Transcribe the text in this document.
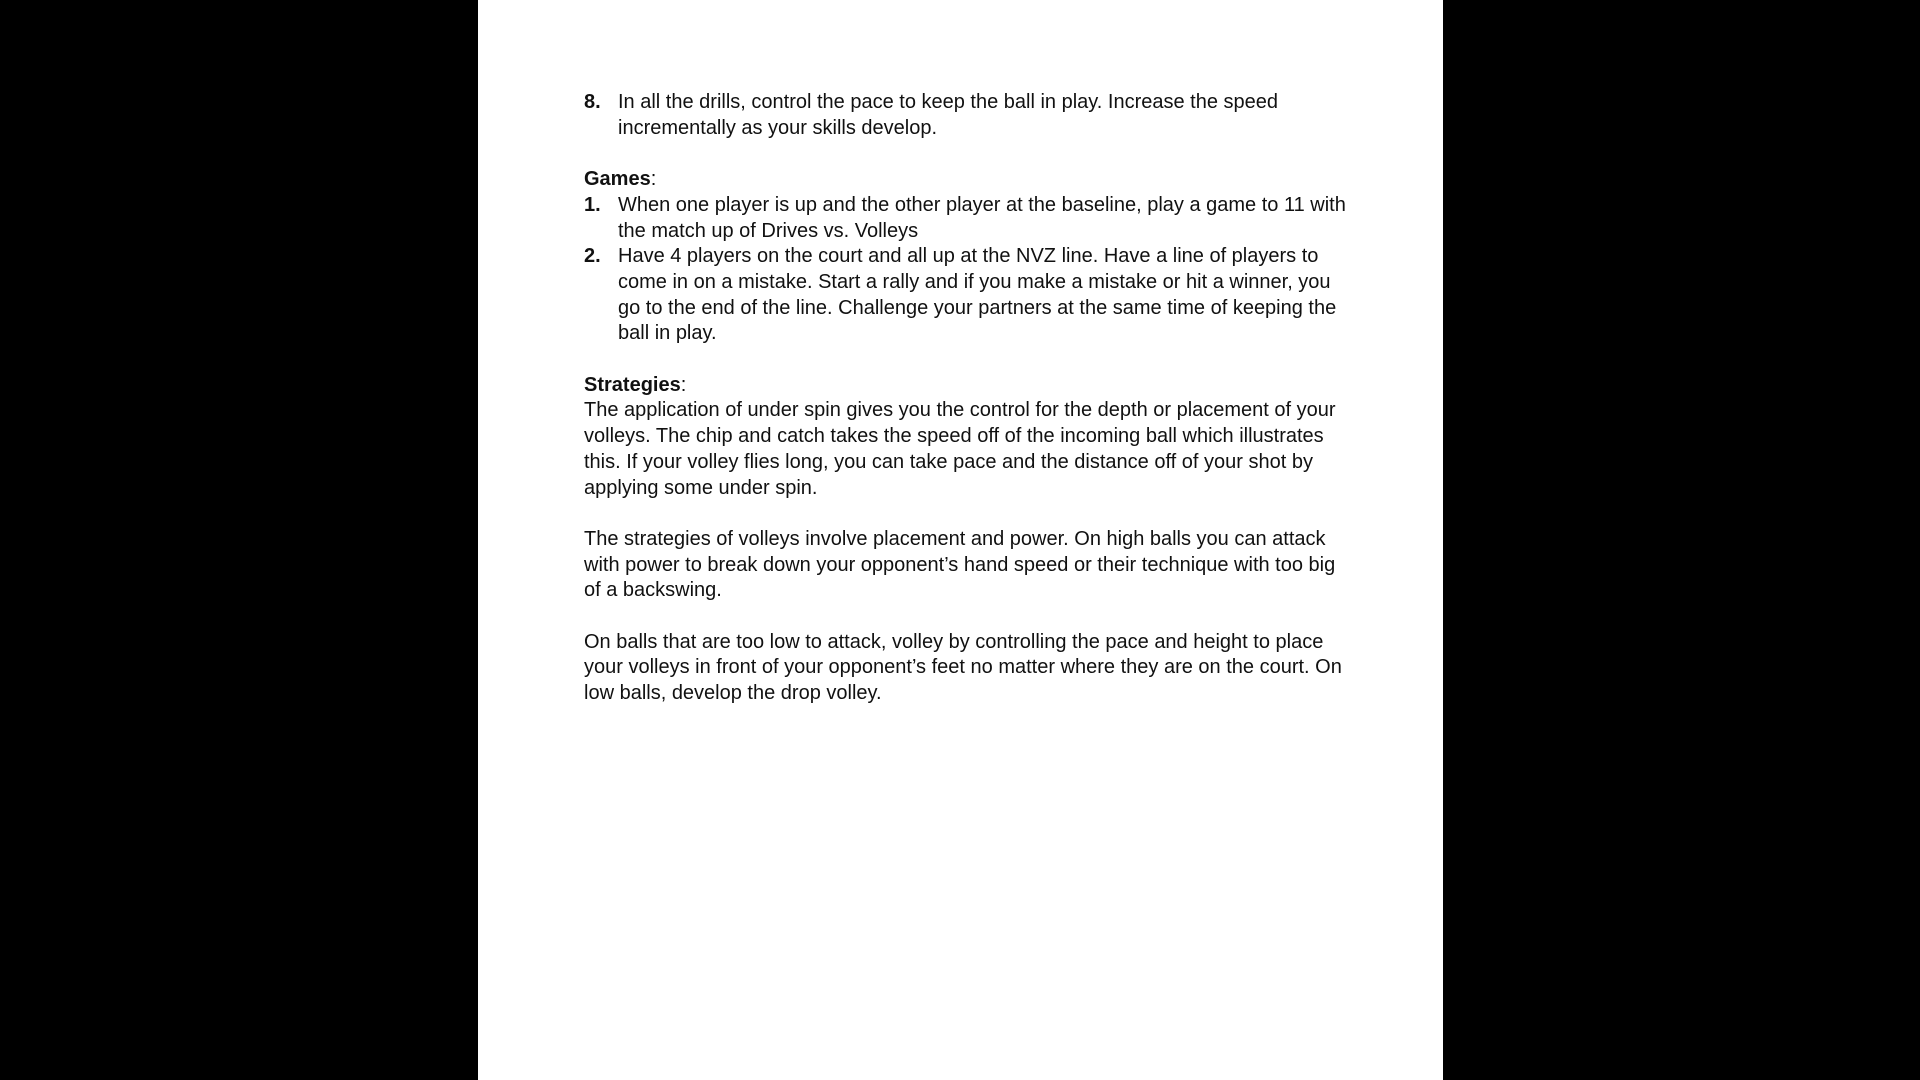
8. In all the drills, control the pace to keep the ball in play. Increase the speed incrementally as your skills develop.
Games:
1. When one player is up and the other player at the baseline, play a game to 11 with the match up of Drives vs. Volleys
2. Have 4 players on the court and all up at the NVZ line. Have a line of players to come in on a mistake. Start a rally and if you make a mistake or hit a winner, you go to the end of the line. Challenge your partners at the same time of keeping the ball in play.
Strategies:

The application of under spin gives you the control for the depth or placement of your volleys. The chip and catch takes the speed off of the incoming ball which illustrates this. If your volley flies long, you can take pace and the distance off of your shot by applying some under spin.

The strategies of volleys involve placement and power. On high balls you can attack with power to break down your opponent’s hand speed or their technique with too big of a backswing.

On balls that are too low to attack, volley by controlling the pace and height to place your volleys in front of your opponent’s feet no matter where they are on the court. On low balls, develop the drop volley.
